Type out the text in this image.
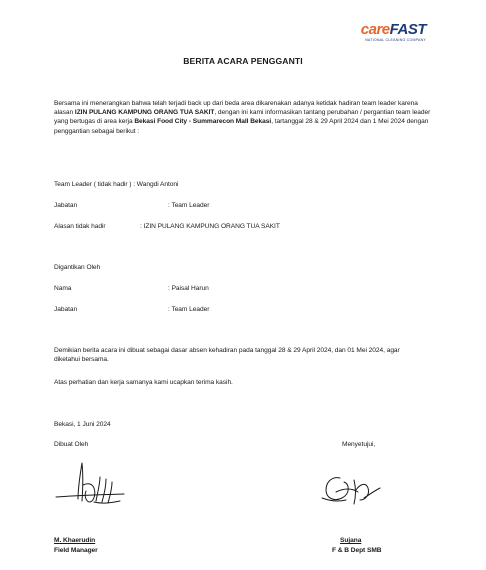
careFAST
NATIONAL CLEANING COMPANY
BERITA ACARA PENGGANTI
Bersama ini menerangkan bahwa telah terjadi back up dari beda area dikarenakan adanya ketidak hadiran team leader karena alasan IZIN PULANG KAMPUNG ORANG TUA SAKIT, dengan ini kami informasikan tantang perubahan / pergantian team leader yang bertugas di area kerja Bekasi Food City - Summarecon Mall Bekasi, tartanggal 28 & 29 April 2024 dan 1 Mei 2024 dengan penggantian sebagai berikut :
Team Leader ( tidak hadir ) : Wangdi Antoni
Jabatan	: Team Leader
Alasan tidak hadir	: IZIN PULANG KAMPUNG ORANG TUA SAKIT
Digantikan Oleh
Nama	: Paisal Harun
Jabatan	: Team Leader
Demikian berita acara ini dibuat sebagai dasar absen kehadiran pada tanggal 28 & 29 April 2024, dan 01 Mei 2024, agar diketahui bersama.
Atas perhatian dan kerja samanya kami ucapkan terima kasih.
Bekasi, 1 Juni 2024
Dibuat Oleh	Menyetujui,
M. Khaerudin
Field Manager
Sujana
F & B Dept SMB
